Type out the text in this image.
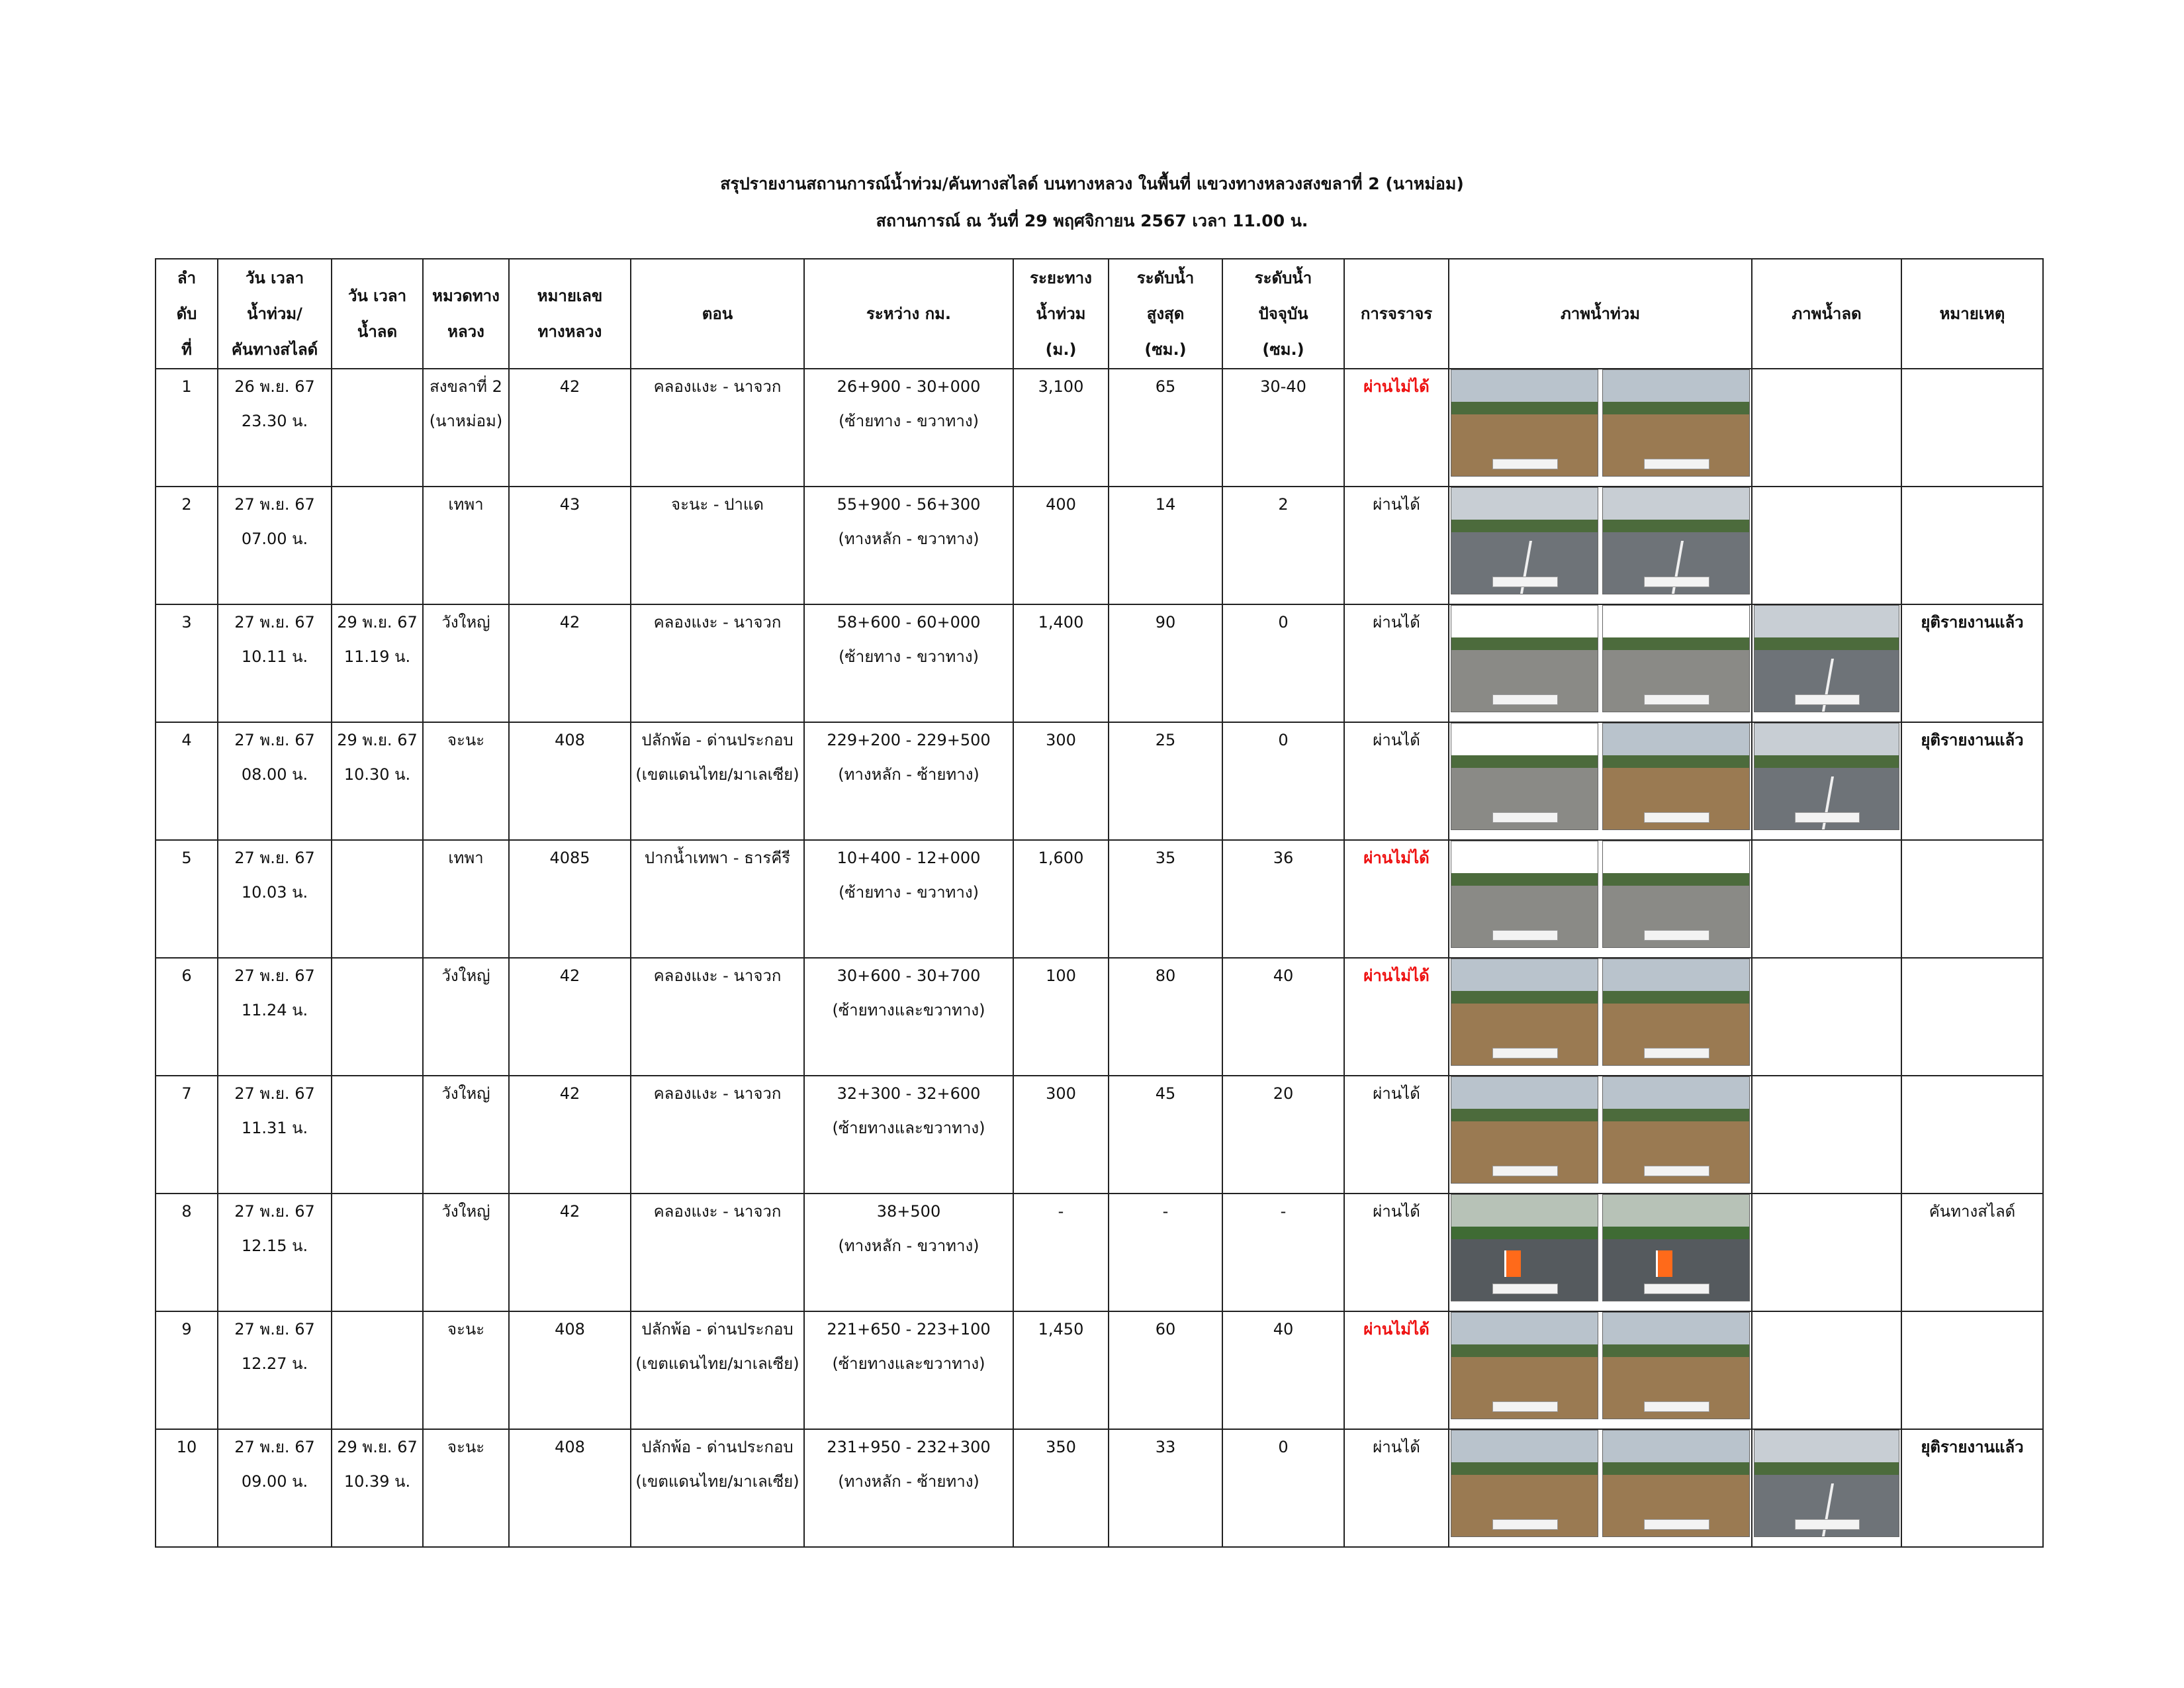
สรุปรายงานสถานการณ์น้ำท่วม/คันทางสไลด์ บนทางหลวง ในพื้นที่ แขวงทางหลวงสงขลาที่ 2 (นาหม่อม)
สถานการณ์ ณ วันที่ 29 พฤศจิกายน 2567 เวลา 11.00 น.
ลำ
ดับ
ที่	วัน เวลา
น้ำท่วม/
คันทางสไลด์	วัน เวลา
น้ำลด	หมวดทาง
หลวง	หมายเลข
ทางหลวง	ตอน	ระหว่าง กม.	ระยะทาง
น้ำท่วม
(ม.)	ระดับน้ำ
สูงสุด
(ซม.)	ระดับน้ำ
ปัจจุบัน
(ซม.)	การจราจร	ภาพน้ำท่วม	ภาพน้ำลด	หมายเหตุ

1	26 พ.ย. 67
23.30 น.		สงขลาที่ 2
(นาหม่อม)	42	คลองแงะ - นาจวก	26+900 - 30+000
(ซ้ายทาง - ขวาทาง)	3,100	65	30-40	ผ่านไม่ได้			

2	27 พ.ย. 67
07.00 น.		เทพา	43	จะนะ - ปาแด	55+900 - 56+300
(ทางหลัก - ขวาทาง)	400	14	2	ผ่านได้			

3	27 พ.ย. 67
10.11 น.	29 พ.ย. 67
11.19 น.	วังใหญ่	42	คลองแงะ - นาจวก	58+600 - 60+000
(ซ้ายทาง - ขวาทาง)	1,400	90	0	ผ่านได้			ยุติรายงานแล้ว

4	27 พ.ย. 67
08.00 น.	29 พ.ย. 67
10.30 น.	จะนะ	408	ปลักพ้อ - ด่านประกอบ
(เขตแดนไทย/มาเลเซีย)	229+200 - 229+500
(ทางหลัก - ซ้ายทาง)	300	25	0	ผ่านได้			ยุติรายงานแล้ว

5	27 พ.ย. 67
10.03 น.		เทพา	4085	ปากน้ำเทพา - ธารคีรี	10+400 - 12+000
(ซ้ายทาง - ขวาทาง)	1,600	35	36	ผ่านไม่ได้			

6	27 พ.ย. 67
11.24 น.		วังใหญ่	42	คลองแงะ - นาจวก	30+600 - 30+700
(ซ้ายทางและขวาทาง)	100	80	40	ผ่านไม่ได้			

7	27 พ.ย. 67
11.31 น.		วังใหญ่	42	คลองแงะ - นาจวก	32+300 - 32+600
(ซ้ายทางและขวาทาง)	300	45	20	ผ่านได้			

8	27 พ.ย. 67
12.15 น.		วังใหญ่	42	คลองแงะ - นาจวก	38+500
(ทางหลัก - ขวาทาง)	-	-	-	ผ่านได้			คันทางสไลด์

9	27 พ.ย. 67
12.27 น.		จะนะ	408	ปลักพ้อ - ด่านประกอบ
(เขตแดนไทย/มาเลเซีย)	221+650 - 223+100
(ซ้ายทางและขวาทาง)	1,450	60	40	ผ่านไม่ได้			

10	27 พ.ย. 67
09.00 น.	29 พ.ย. 67
10.39 น.	จะนะ	408	ปลักพ้อ - ด่านประกอบ
(เขตแดนไทย/มาเลเซีย)	231+950 - 232+300
(ทางหลัก - ซ้ายทาง)	350	33	0	ผ่านได้			ยุติรายงานแล้ว
